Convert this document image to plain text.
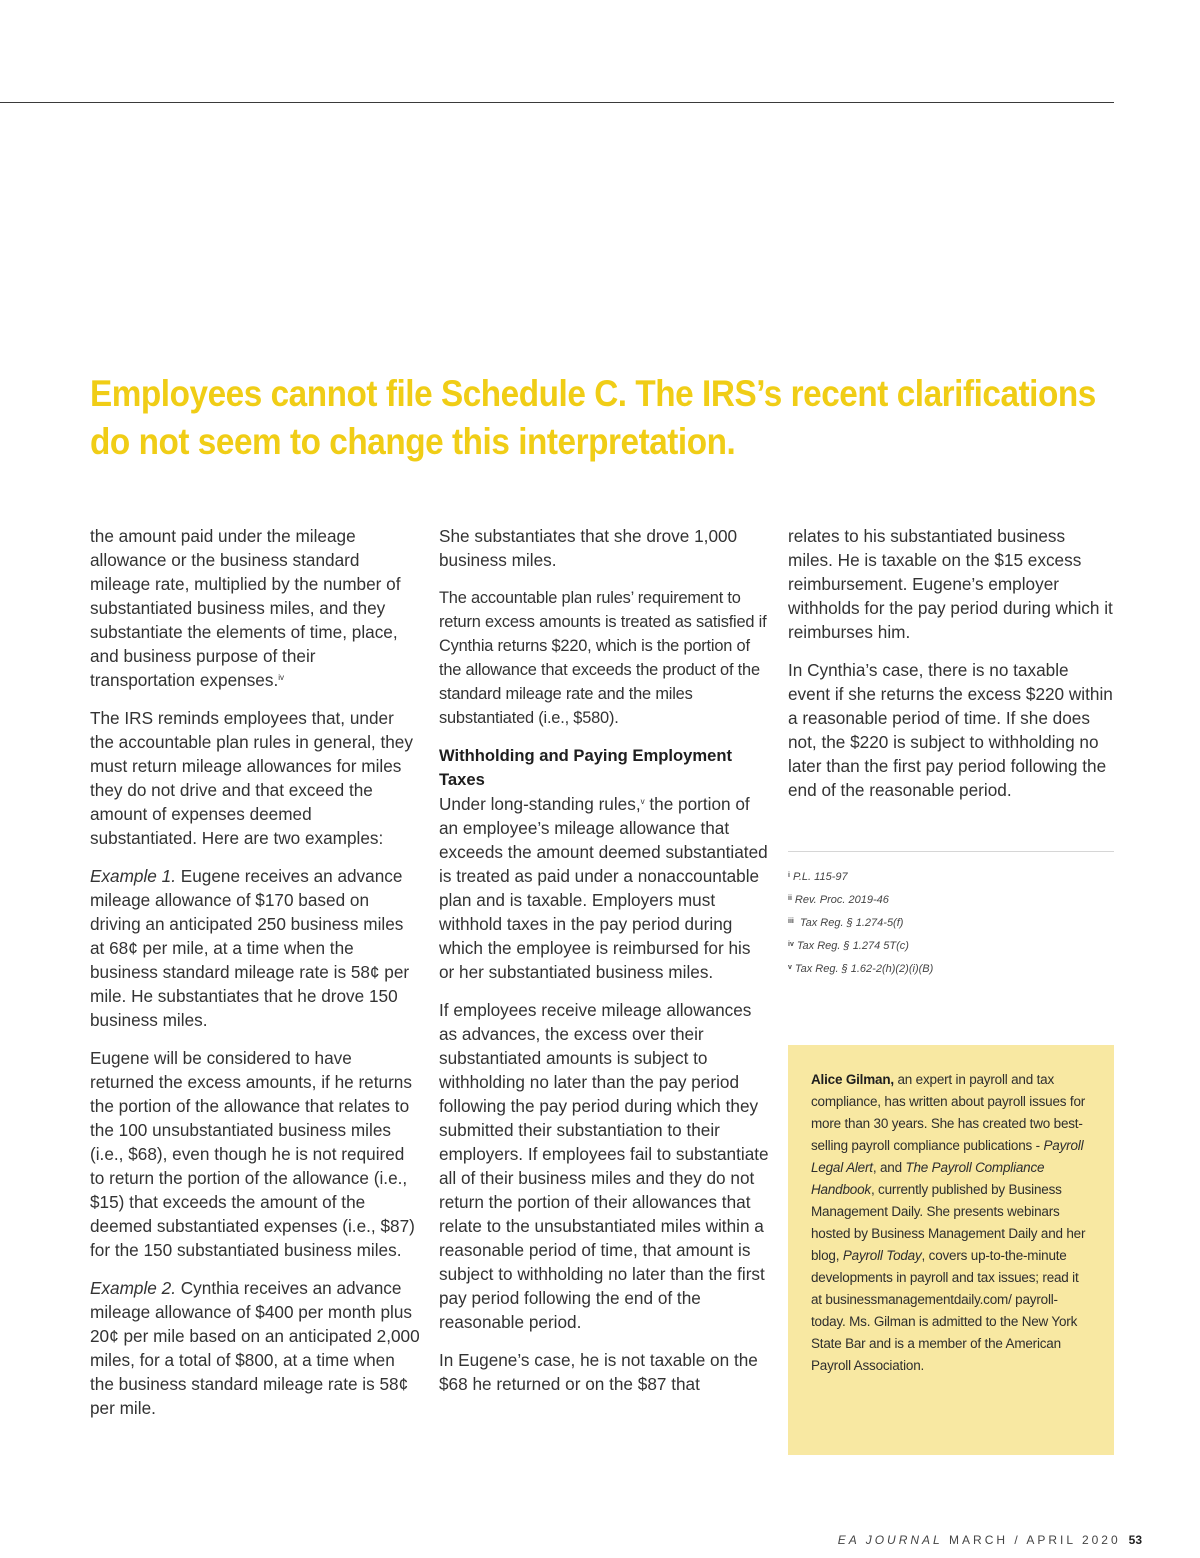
Employees cannot file Schedule C. The IRS’s recent clarifications do not seem to change this interpretation.

the amount paid under the mileage allowance or the business standard mileage rate, multiplied by the number of substantiated business miles, and they substantiate the elements of time, place, and business purpose of their transportation expenses.$^{iv}$

The IRS reminds employees that, under the accountable plan rules in general, they must return mileage allowances for miles they do not drive and that exceed the amount of expenses deemed substantiated. Here are two examples:

Example 1. Eugene receives an advance mileage allowance of $170 based on driving an anticipated 250 business miles at 68¢ per mile, at a time when the business standard mileage rate is 58¢ per mile. He substantiates that he drove 150 business miles.

Eugene will be considered to have returned the excess amounts, if he returns the portion of the allowance that relates to the 100 unsubstantiated business miles (i.e., $68), even though he is not required to return the portion of the allowance (i.e., $15) that exceeds the amount of the deemed substantiated expenses (i.e., $87) for the 150 substantiated business miles.

Example 2. Cynthia receives an advance mileage allowance of $400 per month plus 20¢ per mile based on an anticipated 2,000 miles, for a total of $800, at a time when the business standard mileage rate is 58¢ per mile.

She substantiates that she drove 1,000 business miles.

The accountable plan rules’ requirement to return excess amounts is treated as satisfied if Cynthia returns $220, which is the portion of the allowance that exceeds the product of the standard mileage rate and the miles substantiated (i.e., $580).

Withholding and Paying Employment Taxes

Under long-standing rules,$^v$ the portion of an employee’s mileage allowance that exceeds the amount deemed substantiated is treated as paid under a nonaccountable plan and is taxable. Employers must withhold taxes in the pay period during which the employee is reimbursed for his or her substantiated business miles.

If employees receive mileage allowances as advances, the excess over their substantiated amounts is subject to withholding no later than the pay period following the pay period during which they submitted their substantiation to their employers. If employees fail to substantiate all of their business miles and they do not return the portion of their allowances that relate to the unsubstantiated miles within a reasonable period of time, that amount is subject to withholding no later than the first pay period following the end of the reasonable period.

In Eugene’s case, he is not taxable on the $68 he returned or on the $87 that

relates to his substantiated business miles. He is taxable on the $15 excess reimbursement. Eugene’s employer withholds for the pay period during which it reimburses him.

In Cynthia’s case, there is no taxable event if she returns the excess $220 within a reasonable period of time. If she does not, the $220 is subject to withholding no later than the first pay period following the end of the reasonable period.

$^i$ P.L. 115-97
$^{ii}$ Rev. Proc. 2019-46
$^{iii}$ Tax Reg. § 1.274-5(f)
$^{iv}$ Tax Reg. § 1.274 5T(c)
$^v$ Tax Reg. § 1.62-2(h)(2)(i)(B)

Alice Gilman, an expert in payroll and tax compliance, has written about payroll issues for more than 30 years. She has created two best-selling payroll compliance publications - Payroll Legal Alert, and The Payroll Compliance Handbook, currently published by Business Management Daily. She presents webinars hosted by Business Management Daily and her blog, Payroll Today, covers up-to-the-minute developments in payroll and tax issues; read it at businessmanagementdaily.com/ payroll-today. Ms. Gilman is admitted to the New York State Bar and is a member of the American Payroll Association.

EA JOURNAL MARCH / APRIL 2020 53
